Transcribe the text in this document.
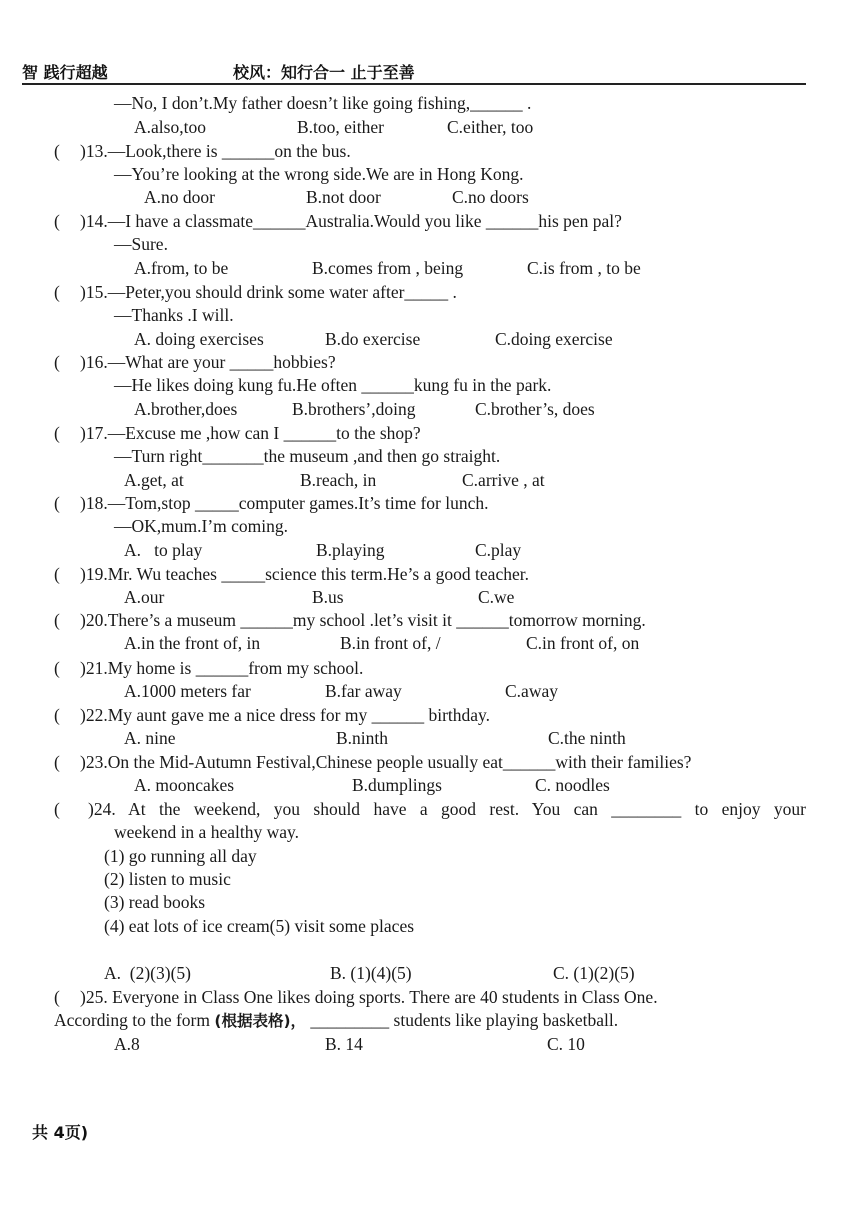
智 践行超越	校风：知行合一 止于至善
—No, I don’t.My father doesn’t like going fishing,______ .
A.also,too	B.too, either	C.either, too
( )13.—Look,there is ______on the bus.
—You’re looking at the wrong side.We are in Hong Kong.
A.no door	B.not door	C.no doors
( )14.—I have a classmate______Australia.Would you like ______his pen pal?
—Sure.
A.from, to be	B.comes from , being	C.is from , to be
( )15.—Peter,you should drink some water after_____ .
—Thanks .I will.
A. doing exercises	B.do exercise	C.doing exercise
( )16.—What are your _____hobbies?
—He likes doing kung fu.He often ______kung fu in the park.
A.brother,does	B.brothers’,doing	C.brother’s, does
( )17.—Excuse me ,how can I ______to the shop?
—Turn right_______the museum ,and then go straight.
A.get, at	B.reach, in	C.arrive , at
( )18.—Tom,stop _____computer games.It’s time for lunch.
—OK,mum.I’m coming.
A.   to play	B.playing	C.play
( )19.Mr. Wu teaches _____science this term.He’s a good teacher.
A.our	B.us	C.we
( )20.There’s a museum ______my school .let’s visit it ______tomorrow morning.
A.in the front of, in	B.in front of, /	C.in front of, on
( )21.My home is ______from my school.
A.1000 meters far	B.far away	C.away
( )22.My aunt gave me a nice dress for my ______ birthday.
A. nine	B.ninth	C.the ninth
( )23.On the Mid-Autumn Festival,Chinese people usually eat______with their families?
A. mooncakes	B.dumplings	C. noodles
( )24. At the weekend, you should have a good rest. You can ________ to enjoy your
weekend in a healthy way.
(1) go running all day
(2) listen to music
(3) read books
(4) eat lots of ice cream(5) visit some places
A.  (2)(3)(5)	B. (1)(4)(5)	C. (1)(2)(5)
( )25. Everyone in Class One likes doing sports. There are 40 students in Class One.
According to the form (根据表格)， _________ students like playing basketball.
A.8	B. 14	C. 10
共 4页)
